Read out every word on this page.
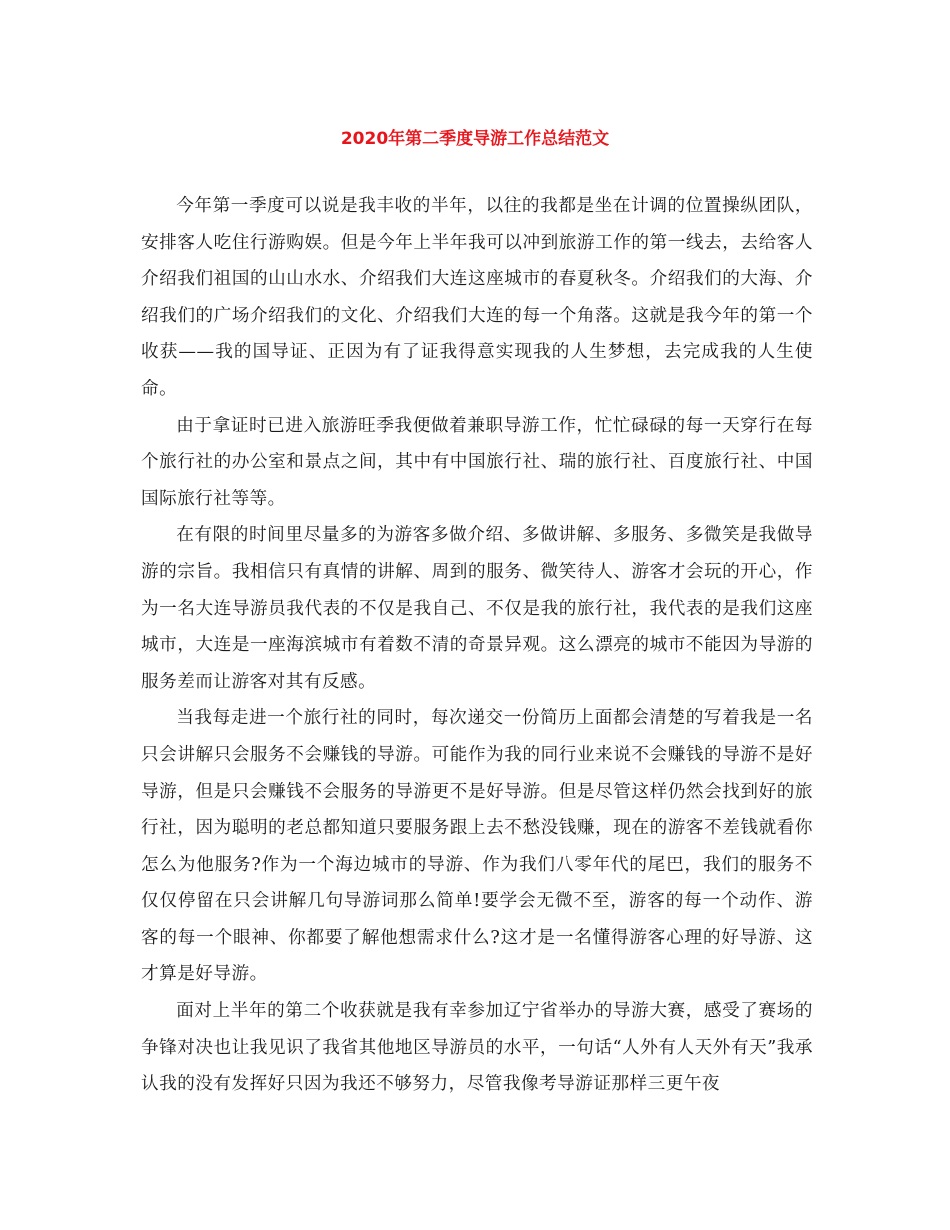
2020年第二季度导游工作总结范文

今年第一季度可以说是我丰收的半年，以往的我都是坐在计调的位置操纵团队，安排客人吃住行游购娱。但是今年上半年我可以冲到旅游工作的第一线去，去给客人介绍我们祖国的山山水水、介绍我们大连这座城市的春夏秋冬。介绍我们的大海、介绍我们的广场介绍我们的文化、介绍我们大连的每一个角落。这就是我今年的第一个收获——我的国导证、正因为有了证我得意实现我的人生梦想，去完成我的人生使命。

由于拿证时已进入旅游旺季我便做着兼职导游工作，忙忙碌碌的每一天穿行在每个旅行社的办公室和景点之间，其中有中国旅行社、瑞的旅行社、百度旅行社、中国国际旅行社等等。

在有限的时间里尽量多的为游客多做介绍、多做讲解、多服务、多微笑是我做导游的宗旨。我相信只有真情的讲解、周到的服务、微笑待人、游客才会玩的开心，作为一名大连导游员我代表的不仅是我自己、不仅是我的旅行社，我代表的是我们这座城市，大连是一座海滨城市有着数不清的奇景异观。这么漂亮的城市不能因为导游的服务差而让游客对其有反感。

当我每走进一个旅行社的同时，每次递交一份简历上面都会清楚的写着我是一名只会讲解只会服务不会赚钱的导游。可能作为我的同行业来说不会赚钱的导游不是好导游，但是只会赚钱不会服务的导游更不是好导游。但是尽管这样仍然会找到好的旅行社，因为聪明的老总都知道只要服务跟上去不愁没钱赚，现在的游客不差钱就看你怎么为他服务?作为一个海边城市的导游、作为我们八零年代的尾巴，我们的服务不仅仅停留在只会讲解几句导游词那么简单!要学会无微不至，游客的每一个动作、游客的每一个眼神、你都要了解他想需求什么?这才是一名懂得游客心理的好导游、这才算是好导游。

面对上半年的第二个收获就是我有幸参加辽宁省举办的导游大赛，感受了赛场的争锋对决也让我见识了我省其他地区导游员的水平，一句话“人外有人天外有天”我承认我的没有发挥好只因为我还不够努力，尽管我像考导游证那样三更午夜
